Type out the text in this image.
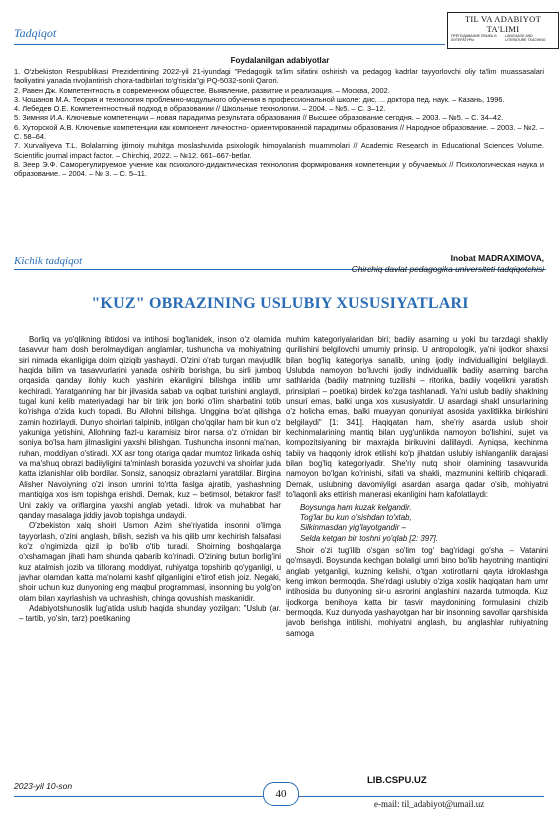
Tadqiqot
TIL VA ADABIYOT TA'LIMI
ПРЕПОДАВАНИЕ ЯЗЫКА И ЛИТЕРАТУРЫ
LANGUAGE AND LITERATURE TEACHING
Foydalanilgan adabiyotlar

1. O'zbekiston Respublikasi Prezidentining 2022-yil 21-iyundagi "Pedagogik ta'lim sifatini oshirish va pedagog kadrlar tayyorlovchi oliy ta'lim muassasalari faoliyatini yanada rivojlantirish chora-tadbirlari to'g'risida"gi PQ-5032-sonli Qarori.

2. Равен Дж. Компетентность в современном обществе. Выявление, развитие и реализация. – Москва, 2002.

3. Чошанов М.А. Теория и технология проблемно-модульного обучения в профессиональной школе: дис. ... доктора пед. наук. – Казань, 1996.

4. Лебедев О.Е. Компетентностный подход в образовании // Школьные технологии. – 2004. – №5. – С. 3–12.

5. Зимняя И.А. Ключевые компетенции – новая парадигма результата образования // Высшее образование сегодня. – 2003. – №5. – С. 34–42.

6. Хуторской А.В. Ключевые компетенции как компонент личностно- ориентированной парадигмы образования // Народное образование. – 2003. – №2. – С. 58–64.

7. Xurvaliyeva T.L. Bolalarning ijtimoiy muhitga moslashuvida psixologik himoyalanish muammolari // Academic Research in Educational Sciences Volume. Scientific journal impact factor. – Chirchiq, 2022. – №12. 661–667-betlar.

8. Зеер Э.Ф. Саморегулируемое учение как психолого-дидактическая технология формирования компетенции у обучаемых // Психологическая наука и образование. – 2004. – № 3. – С. 5–11.

Kichik tadqiqot	Inobat MADRAXIMOVA,
Chirchiq davlat pedagogika universiteti tadqiqotchisi
"KUZ" OBRAZINING USLUBIY XUSUSIYATLARI

Borliq va yo'qlikning ibtidosi va intihosi bog'lanidek, inson o'z olamida tasavvur ham dosh berolmaydigan anglamlar, tushuncha va mohiyatning siri nimada ekanligiga doim qiziqib yashaydi. O'zini o'rab turgan mavjudlik haqida bilim va tasavvurlarini yanada oshirib borishga, bu sirli jumboq orqasida qanday ilohiy kuch yashirin ekanligini bilishga intilib umr kechiradi. Yaratganning har bir jilvasida sabab va oqibat turishini anglaydi, tugal kuni kelib materiyadagi har bir tirik jon borki o'lim sharbatini totib ko'rishga o'zida kuch topadi. Bu Allohni bilishga. Unggina bo'at qilishga zamin hozirlaydi. Dunyo shoirlari talpinib, intilgan cho'qqilar ham bir kun o'z yakuniga yetishini, Allohning fazl-u karamisiz biror narsa o'z o'rnidan bir soniya bo'lsa ham jilmasligini yaxshi bilishgan. Tushuncha insonni ma'nan, ruhan, moddiyan o'stiradi. XX asr tong otariga qadar mumtoz lirikada oshiq va ma'shuq obrazi badiiyligini ta'minlash borasida yozuvchi va shoirlar juda katta izlanishlar olib bordilar. Sonsiz, sanoqsiz obrazlarni yaratdilar. Birgina Alisher Navoiyning o'zi inson umrini to'rtta faslga ajratib, yashashning mantiqiga xos ism topishga erishdi. Demak, kuz – betimsol, betakror fasl! Uni zakiy va oriflargina yaxshi anglab yetadi. Idrok va muhabbat har qanday masalaga jiddiy javob topishga undaydi.

O'zbekiston xalq shoiri Usmon Azim she'riyatida insonni o'limga tayyorlash, o'zini anglash, bilish, sezish va his qilib umr kechirish falsafasi ko'z o'ngimizda qizil ip bo'lib o'tib turadi. Shoirning boshqalarga o'xshamagan jihati ham shunda qabarib ko'rinadi. O'zining butun borlig'ini kuz atalmish jozib va tillorang moddiyat, ruhiyatga topshirib qo'yganligi, u javhar olamdan katta ma'nolarni kashf qilganligini e'tirof etish joiz. Negaki, shoir uchun kuz dunyoning eng maqbul programmasi, insonning bu yolg'on olam bilan xayrlashish va uchrashish, chinga qovushish maskanidir.

Adabiyotshunoslik lug'atida uslub haqida shunday yozilgan: "Uslub (ar. – tartib, yo'sin, tarz) poetikaning

muhim kategoriyalaridan biri; badiiy asarning u yoki bu tarzdagi shakliy qurilishini belgilovchi umumiy prinsip. U antropologik, ya'ni ijodkor shaxsi bilan bog'liq kategoriya sanalib, uning ijodiy individualligini belgilaydi. Uslubda namoyon bo'luvchi ijodiy individuallik badiiy asarning barcha sathlarida (badiiy matnning tuzilishi – ritorika, badiiy voqelikni yaratish prinsiplari – poetika) birdek ko'zga tashlanadi. Ya'ni uslub badiiy shaklning unsuri emas, balki unga xos xususiyatdir. U asardagi shakl unsurlarining o'z holicha emas, balki muayyan qonuniyat asosida yaxlitlikka birikishini belgilaydi" [1: 341]. Haqiqatan ham, she'riy asarda uslub shoir kechinmalarining mantiq bilan uyg'unlikda namoyon bo'lishini, sujet va kompozitsiyaning bir maxrajda birikuvini dalillaydi. Ayniqsa, kechinma tabiiy va haqqoniy idrok etilishi ko'p jihatdan uslubiy ishlanganlik darajasi bilan bog'liq kategoriyadir. She'riy nutq shoir olamining tasavvurida namoyon bo'lgan ko'rinishi, sifati va shakli, mazmunini keltirib chiqaradi. Demak, uslubning davomiyligi asardan asarga qadar o'sib, mohiyatni to'laqonli aks ettirish manerasi ekanligini ham kafolatlaydi:

Boysunga ham kuzak kelgandir.
Tog'lar bu kun o'sishdan to'xtab,
Silkinmasdan yig'layotgandir –
Selda ketgan bir toshni yo'qlab [2: 397].

Shoir o'zi tug'ilib o'sgan so'lim tog' bag'ridagi go'sha – Vatanini qo'msaydi. Boysunda kechgan bolaligi umri bino bo'lib hayotning mantiqini anglab yetganligi, kuzning kelishi, o'tgan xotirotlarni qayta idroklashga keng imkon bermoqda. She'rdagi uslubiy o'ziga xoslik haqiqatan ham umr intihosida bu dunyoning sir-u asrorini anglashini nazarda tutmoqda. Kuz ijodkorga benihoya katta bir tasvir maydonining formulasini chizib bermoqda. Kuz dunyoda yashayotgan har bir insonning savollar qarshisida javob berishga intilishi, mohiyatni anglash, bu anglashlar ruhiyatning samoga

2023-yil 10-son
40
LIB.CSPU.UZ
e-mail: til_adabiyot@umail.uz
